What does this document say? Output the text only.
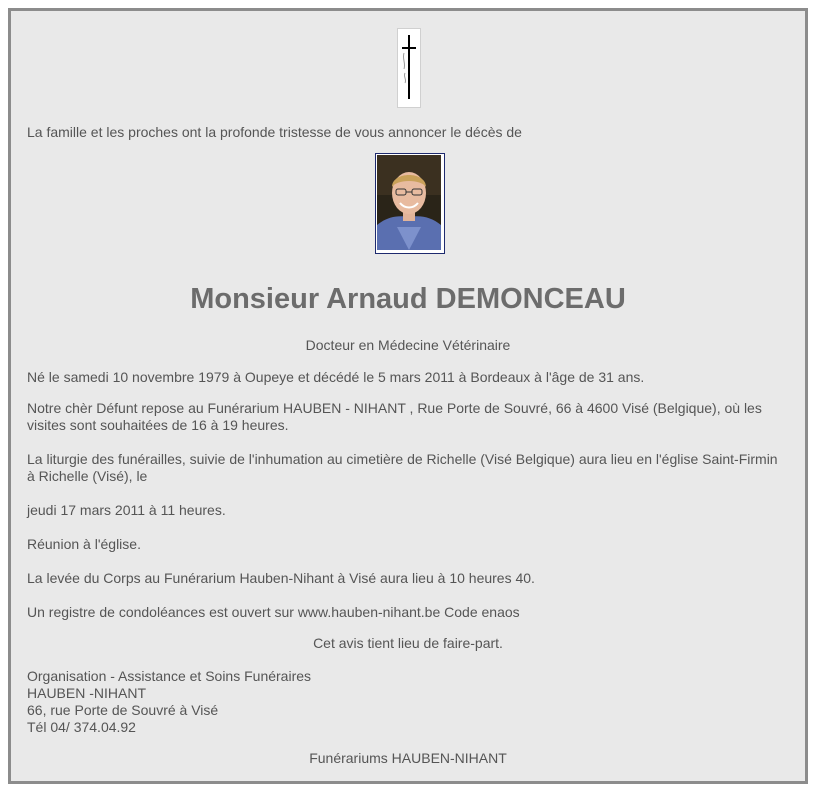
La famille et les proches ont la profonde tristesse de vous annoncer le décès de

Monsieur Arnaud DEMONCEAU

Docteur en Médecine Vétérinaire

Né le samedi 10 novembre 1979 à Oupeye et décédé le 5 mars 2011 à Bordeaux à l'âge de 31 ans.

Notre chèr Défunt repose au Funérarium HAUBEN - NIHANT , Rue Porte de Souvré, 66 à 4600 Visé (Belgique), où les visites sont souhaitées de 16 à 19 heures.

La liturgie des funérailles, suivie de l'inhumation au cimetière de Richelle (Visé Belgique) aura lieu en l'église Saint-Firmin à Richelle (Visé), le

jeudi 17 mars 2011 à 11 heures.

Réunion à l'église.

La levée du Corps au Funérarium Hauben-Nihant à Visé aura lieu à 10 heures 40.

Un registre de condoléances est ouvert sur www.hauben-nihant.be Code enaos

Cet avis tient lieu de faire-part.

Organisation - Assistance et Soins Funéraires

HAUBEN -NIHANT

66, rue Porte de Souvré à Visé

Tél 04/ 374.04.92

Funérariums HAUBEN-NIHANT
